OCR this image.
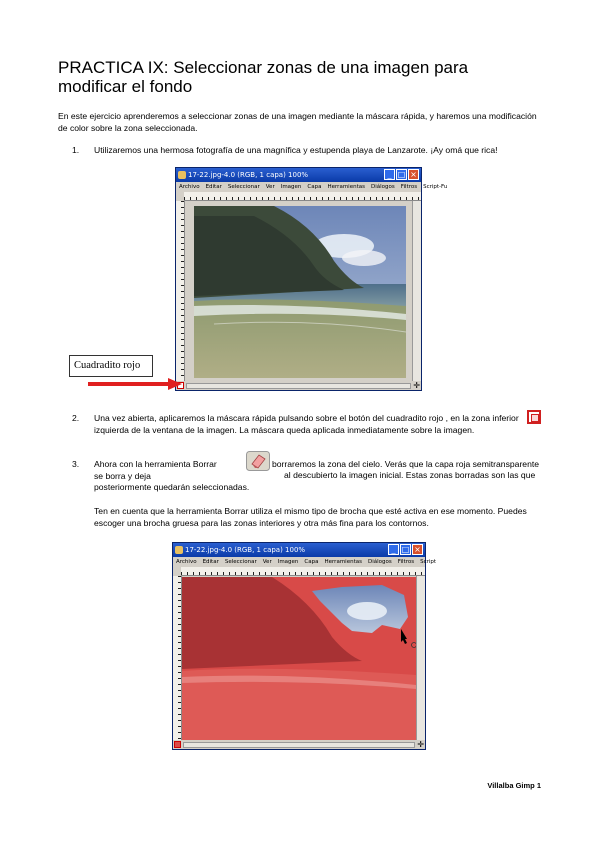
PRACTICA IX: Seleccionar zonas de una imagen para modificar el fondo
En este ejercicio aprenderemos a seleccionar zonas de una imagen mediante la máscara rápida, y haremos una modificación de color sobre la zona seleccionada.
1. Utilizaremos una hermosa fotografía de una magnífica y estupenda playa de Lanzarote. ¡Ay omá que rica!
17-22.jpg-4.0 (RGB, 1 capa) 100%	_ □ ×
Archivo Editar Seleccionar Ver Imagen Capa Herramientas Diálogos Filtros Script-Fu
✛
Cuadradito rojo
2. Una vez abierta, aplicaremos la máscara rápida pulsando sobre el botón del cuadradito rojo , en la zona inferior izquierda de la ventana de la imagen. La máscara queda aplicada inmediatamente sobre la imagen.
3. Ahora con la herramienta Borrar	borraremos la zona del cielo. Verás que la capa roja semitransparente se borra y deja	al descubierto la imagen inicial. Estas zonas borradas son las que posteriormente quedarán seleccionadas.
Ten en cuenta que la herramienta Borrar utiliza el mismo tipo de brocha que esté activa en ese momento. Puedes escoger una brocha gruesa para las zonas interiores y otra más fina para los contornos.
17-22.jpg-4.0 (RGB, 1 capa) 100%	_ □ ×
Archivo Editar Seleccionar Ver Imagen Capa Herramientas Diálogos Filtros Script
✛
Villalba Gimp 1
